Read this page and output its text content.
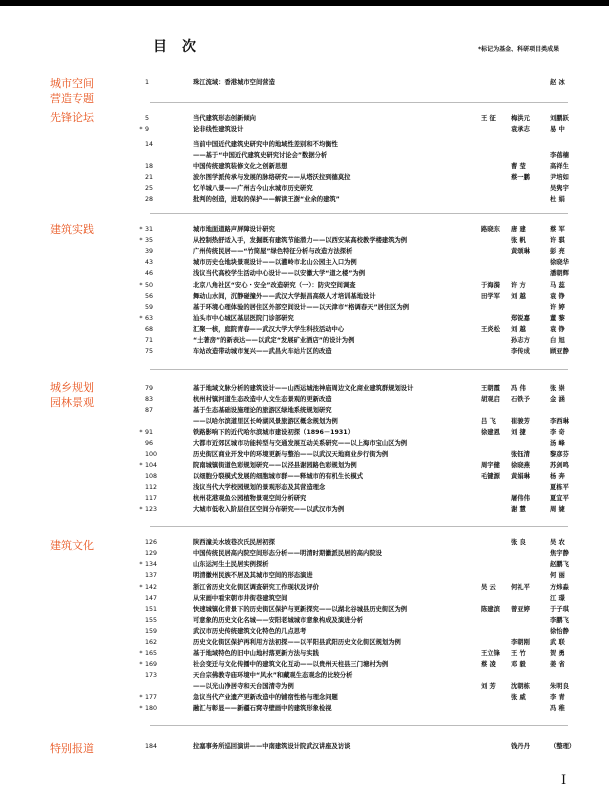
目次	*标记为基金、科研项目类成果
城市空间
营造专题
先锋论坛
建筑实践
城乡规划
园林景观
建筑文化
特别报道
1	珠江流域：香港城市空间营造	赵 冰
5	当代建筑形态创新倾向	王 征 梅洪元	刘鹏跃
* 9	论非线性建筑设计	袁承志	易 中
14	当前中国近代建筑史研究中的地域性差别和不均衡性
——基于“中国近代建筑史研究讨论会”数据分析	李蓓楠
18	中国传统建筑装修文化之创新思想	曹 莹	高祥生
21	波尔图学派传承与发展的脉络研究——从塔沃拉到德莫拉	蔡一鹏	尹培如
25	忆羊城八景——广州古今山水城市历史研究	吴隽宇
28	批判的创造，进取的保护——解读王澍“业余的建筑”	杜 娟
* 31	城市地面道路声屏障设计研究	路晓东 唐 建	蔡 军
* 35	从控制热舒适入手，发掘既有建筑节能潜力——以西安某高校教学楼建筑为例	张 帆	许 骐
39	广州传统民居——“竹筒屋”绿色特征分析与改造方法探析	黄颂琳	彭 亮
43	城市历史仓地块景观设计——以灌岭市北山公园主入口为例	徐晓华
46	浅议当代高校学生活动中心设计——以安徽大学“道之楼”为例	潘朝辉
* 50	北京八角社区“安心・安全”改造研究（一）：防灾空间调查	于海漪 许 方	马 蕊
56	舞动山水间，沉静碰撞外——武汉大学振昌高级人才培训基地设计	田学军 刘 越	袁 铮
59	基于环境心理体验的居住区外部空间设计——以天津市“格调春天”居住区为例	许 婷
* 63	汕头市中心城区基层医院门诊部研究	郑锐嘉	董 黎
68	汇聚一核，庭院青春——武汉大学大学生科技活动中心	王炎松 刘 越	袁 铮
71	“土著房”的新表达——以武定“发展矿业酒店”的设计为例	孙志方	白 旭
75	车站改造带动城市复兴——武昌火车站片区的改造	李传成	顾亚静
79	基于地域文脉分析的建筑设计——山西运城池神庙周边文化商业建筑群规划设计	王朝霞 冯 伟	张 崇
83	杭州村镇河道生态改造中人文生态景观的更新改造	胡观启 石铁予	金 涵
87	基于生态基础设施理论的旅游区绿地系统规划研究
——以哈尔滨道里区长岭湖风景旅游区概念规划为例	吕 飞 崔骏芳	李西琳
* 91	铁路影响下的近代哈尔滨城市建设初探（1896－1931）	徐建恩 刘 捷	李 奇
96	大都市近郊区城市功能转型与交通发展互动关系研究——以上海市宝山区为例	汤 峰
100	历史街区商业开发中的环境更新与整治——以武汉天地商业步行街为例	张钰清	黎彦芬
* 104	院南城镇街道色彩规划研究——以泾县谢园路色彩规划为例	周宇健 徐晓燕	苏剑鸣
108	以细胞分裂模式发展的细胞城市群——释城市的有机生长模式	毛键源 黄娟琳	杨 奔
112	浅议当代大学校园规划的景观形态及其营造理念	夏栋平
117	杭州花港观鱼公园植物景观空间分析研究	屠伟伟	夏宜平
* 123	大城市低收入阶层住区空间分布研究——以武汉市为例	谢 慧	周 婕
126	陕西潼关水坡巷次氏民居初探	张 良	吴 农
129	中国传统民居高内院空间形态分析——明清时期徽派民居的高内院设	焦宇静
* 134	山东运河生土民居实例探析	赵鹏飞
137	明清徽州民族不居及其城市空间的形态演进	何 丽
* 142	浙江省历史文化街区调查研究工作现状及评价	吴 云 何礼平	方炜淼
147	从宋画中看宋朝市井街巷建筑空间	江 璟
151	快速城镇化背景下的历史街区保护与更新探究——以湖北谷城县历史街区为例	陈建滨 曾亚婷	于子琪
155	可意象的历史文化名城——安阳老城城市意象构成及演进分析	李鹏飞
159	武汉市历史传统建筑文化特色的几点思考	徐怡静
162	历史文化街区保护再利用方法初探——以平阳县武阳历史文化街区规划为例	李朝刚	武 联
* 165	基于地域特色的旧中山地村落更新方法与实践	王立锋 王 竹	贺 勇
* 169	社会变迁与文化传播中的建筑文化互动——以贵州天柱县三门塘村为例	蔡 凌 邓 毅	姜 省
173	天台宗佛教寺庙环境中“风水”和藏观生态观念的比较分析
——以光山净居寺和天台国清寺为例	刘 芳 沈朝栋	朱明良
* 177	急议当代产业遗产更新改造中的铺宿性格与理念问题	张 威	李 青
* 180	融汇与彰显——新疆石窝寺壁画中的建筑形象检视	冯 稚
184	拉塞事务所巡回演讲——中南建筑设计院武汉讲座及访谈	钱丹丹	（整理）
I
